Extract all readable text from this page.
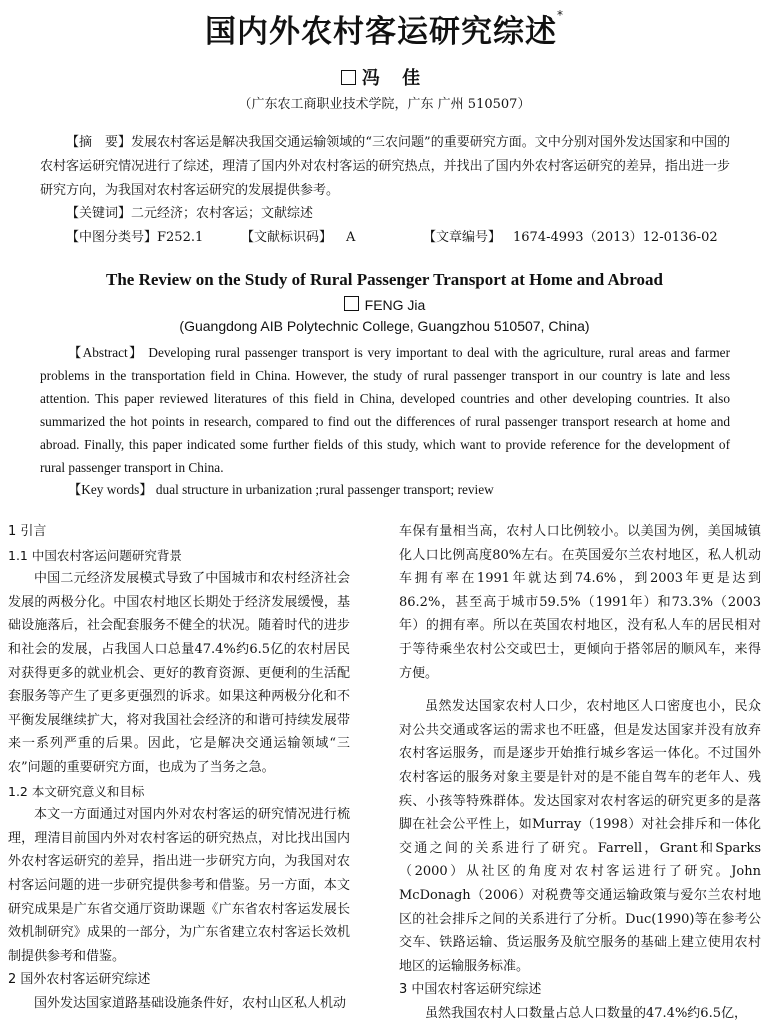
国内外农村客运研究综述*
冯 佳
（广东农工商职业技术学院，广东 广州 510507）
【摘　要】发展农村客运是解决我国交通运输领域的“三农问题”的重要研究方面。文中分别对国外发达国家和中国的农村客运研究情况进行了综述，理清了国内外对农村客运的研究热点，并找出了国内外农村客运研究的差异，指出进一步研究方向，为我国对农村客运研究的发展提供参考。
【关键词】二元经济；农村客运；文献综述
【中图分类号】F252.1	【文献标识码】 A	【文章编号】 1674-4993（2013）12-0136-02
The Review on the Study of Rural Passenger Transport at Home and Abroad
FENG Jia
(Guangdong AIB Polytechnic College, Guangzhou 510507, China)
【Abstract】 Developing rural passenger transport is very important to deal with the agriculture, rural areas and farmer problems in the transportation field in China. However, the study of rural passenger transport in our country is late and less attention. This paper reviewed literatures of this field in China, developed countries and other developing countries. It also summarized the hot points in research, compared to find out the differences of rural passenger transport research at home and abroad. Finally, this paper indicated some further fields of this study, which want to provide reference for the development of rural passenger transport in China.
【Key words】 dual structure in urbanization ;rural passenger transport; review
1 引言
1.1 中国农村客运问题研究背景
中国二元经济发展模式导致了中国城市和农村经济社会发展的两极分化。中国农村地区长期处于经济发展缓慢，基础设施落后，社会配套服务不健全的状况。随着时代的进步和社会的发展，占我国人口总量47.4%约6.5亿的农村居民对获得更多的就业机会、更好的教育资源、更便利的生活配套服务等产生了更多更强烈的诉求。如果这种两极分化和不平衡发展继续扩大，将对我国社会经济的和谐可持续发展带来一系列严重的后果。因此，它是解决交通运输领域“三农”问题的重要研究方面，也成为了当务之急。
1.2 本文研究意义和目标
本文一方面通过对国内外对农村客运的研究情况进行梳理，理清目前国内外对农村客运的研究热点，对比找出国内外农村客运研究的差异，指出进一步研究方向，为我国对农村客运问题的进一步研究提供参考和借鉴。另一方面，本文研究成果是广东省交通厅资助课题《广东省农村客运发展长效机制研究》成果的一部分，为广东省建立农村客运长效机制提供参考和借鉴。
2 国外农村客运研究综述
国外发达国家道路基础设施条件好，农村山区私人机动
车保有量相当高，农村人口比例较小。以美国为例，美国城镇化人口比例高度80%左右。在英国爱尔兰农村地区，私人机动车拥有率在1991年就达到74.6%，到2003年更是达到86.2%，甚至高于城市59.5%（1991年）和73.3%（2003年）的拥有率。所以在英国农村地区，没有私人车的居民相对于等待乘坐农村公交或巴士，更倾向于搭邻居的顺风车，来得方便。
虽然发达国家农村人口少，农村地区人口密度也小，民众对公共交通或客运的需求也不旺盛，但是发达国家并没有放弃农村客运服务，而是逐步开始推行城乡客运一体化。不过国外农村客运的服务对象主要是针对的是不能自驾车的老年人、残疾、小孩等特殊群体。发达国家对农村客运的研究更多的是落脚在社会公平性上，如Murray（1998）对社会排斥和一体化交通之间的关系进行了研究。Farrell，Grant和Sparks（2000）从社区的角度对农村客运进行了研究。John McDonagh（2006）对税费等交通运输政策与爱尔兰农村地区的社会排斥之间的关系进行了分析。Duc(1990)等在参考公交车、铁路运输、货运服务及航空服务的基础上建立使用农村地区的运输服务标准。
3 中国农村客运研究综述
虽然我国农村人口数量占总人口数量的47.4%约6.5亿，
